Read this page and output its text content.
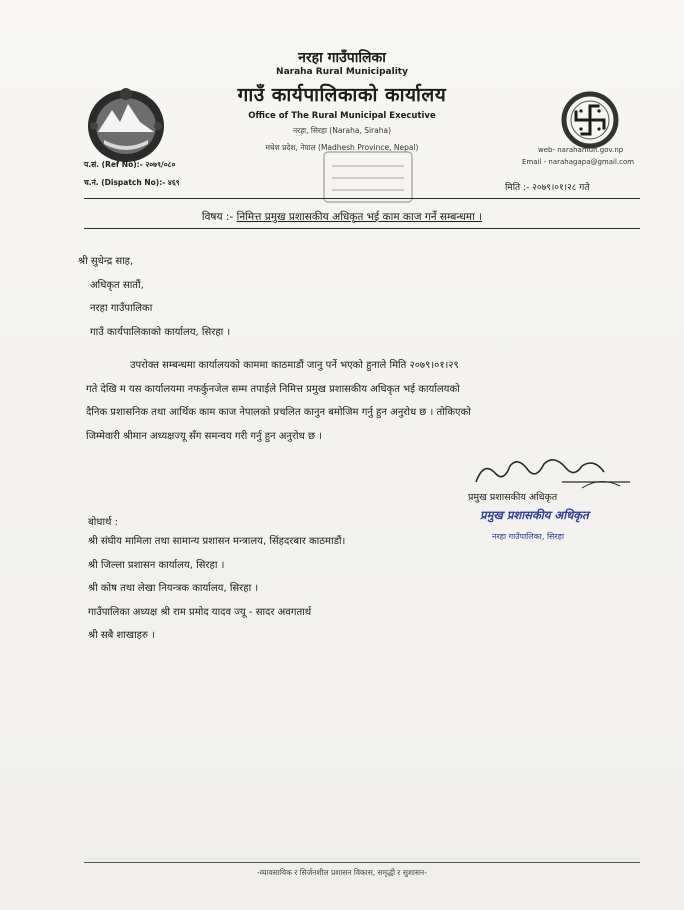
नरहा गाउँपालिका
Naraha Rural Municipality
गाउँ कार्यपालिकाको कार्यालय
Office of The Rural Municipal Executive
नरहा, सिरहा (Naraha, Siraha)
मधेश प्रदेश, नेपाल (Madhesh Province, Nepal)	web- narahamun.gov.np
Email - narahagapa@gmail.com
प.सं. (Ref No):- २०७९/०८०
च.नं. (Dispatch No):- ४६९
मिति :- २०७९।०१।२८ गते
विषय :- निमित्त प्रमुख प्रशासकीय अधिकृत भई काम काज गर्ने सम्बन्धमा ।
श्री सुधेन्द्र साह,
अधिकृत सातौं,
नरहा गाउँपालिका
गाउँ कार्यपालिकाको कार्यालय, सिरहा ।
उपरोक्त सम्बन्धमा कार्यालयको काममा काठमाडौं जानु पर्ने भएको हुनाले मिति २०७९।०१।२९
गते देखि म यस कार्यालयमा नफर्कुनजेल सम्म तपाईले निमित्त प्रमुख प्रशासकीय अधिकृत भई कार्यालयको
दैनिक प्रशासनिक तथा आर्थिक काम काज नेपालको प्रचलित कानुन बमोजिम गर्नु हुन अनुरोध छ । तोकिएको
जिम्मेवारी श्रीमान अध्यक्षज्यू सँग समन्वय गरी गर्नु हुन अनुरोध छ ।
प्रमुख प्रशासकीय अधिकृत
प्रमुख प्रशासकीय अधिकृत
नरहा गाउँपालिका, सिरहा
बोधार्थ :
श्री संघीय मामिला तथा सामान्य प्रशासन मन्त्रालय, सिंहदरबार काठमाडौं।
श्री जिल्ला प्रशासन कार्यालय, सिरहा ।
श्री कोष तथा लेखा नियन्त्रक कार्यालय, सिरहा ।
गाउँपालिका अध्यक्ष श्री राम प्रमोद यादव ज्यू - सादर अवगतार्थ
श्री सबै शाखाहरु ।
-व्यावसायिक र सिर्जनशील प्रशासन विकास, समृद्धी र सुशासन-
